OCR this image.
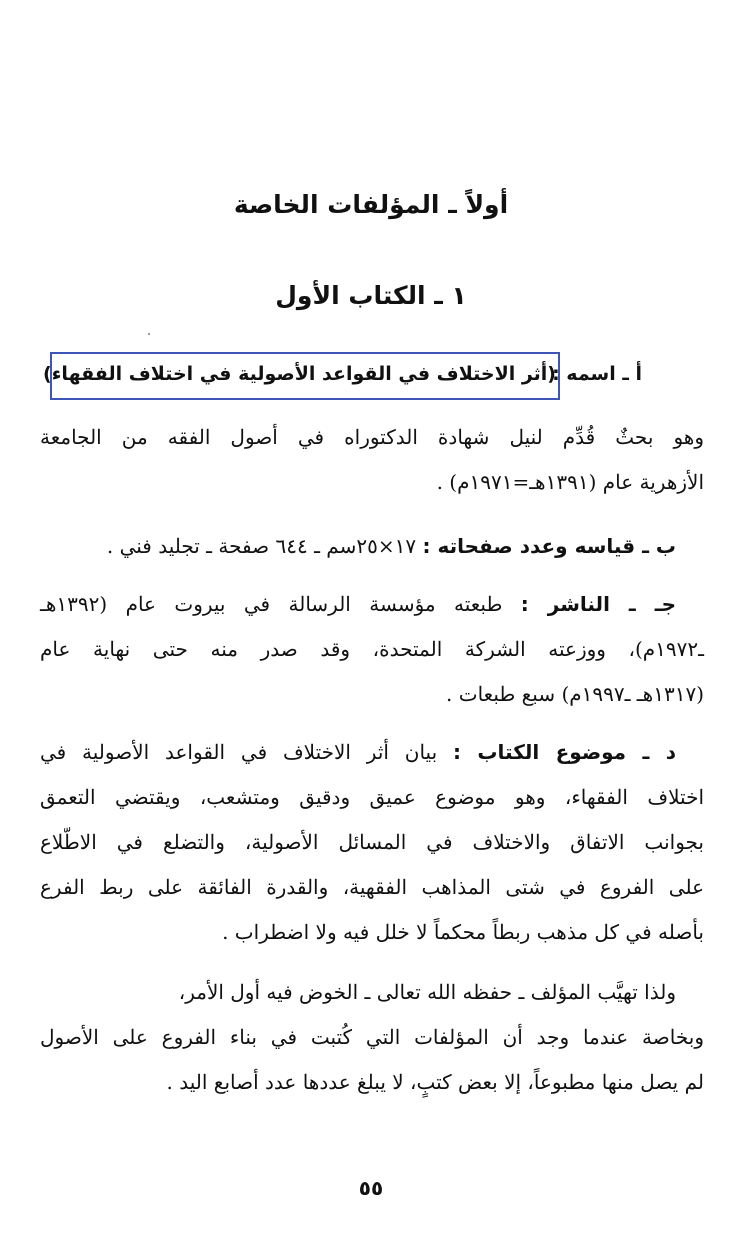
أولاً ـ المؤلفات الخاصة
١ ـ الكتاب الأول
أ ـ اسمه :
(أثر الاختلاف في القواعد الأصولية في اختلاف الفقهاء)
وهو بحثٌ قُدِّم لنيل شهادة الدكتوراه في أصول الفقه من الجامعة
الأزهرية عام (١٣٩١هـ=١٩٧١م) .
ب ـ قياسه وعدد صفحاته : ١٧×٢٥سم ـ ٦٤٤ صفحة ـ تجليد فني .
جـ ـ الناشر : طبعته مؤسسة الرسالة في بيروت عام (١٣٩٢هـ
ـ١٩٧٢م)، ووزعته الشركة المتحدة، وقد صدر منه حتى نهاية عام
(١٣١٧هـ ـ١٩٩٧م) سبع طبعات .
د ـ موضوع الكتاب : بيان أثر الاختلاف في القواعد الأصولية في
اختلاف الفقهاء، وهو موضوع عميق ودقيق ومتشعب، ويقتضي التعمق
بجوانب الاتفاق والاختلاف في المسائل الأصولية، والتضلع في الاطّلاع
على الفروع في شتى المذاهب الفقهية، والقدرة الفائقة على ربط الفرع
بأصله في كل مذهب ربطاً محكماً لا خلل فيه ولا اضطراب .
ولذا تهيَّب المؤلف ـ حفظه الله تعالى ـ الخوض فيه أول الأمر،
وبخاصة عندما وجد أن المؤلفات التي كُتبت في بناء الفروع على الأصول
لم يصل منها مطبوعاً، إلا بعض كتبٍ، لا يبلغ عددها عدد أصابع اليد .
٥٥
